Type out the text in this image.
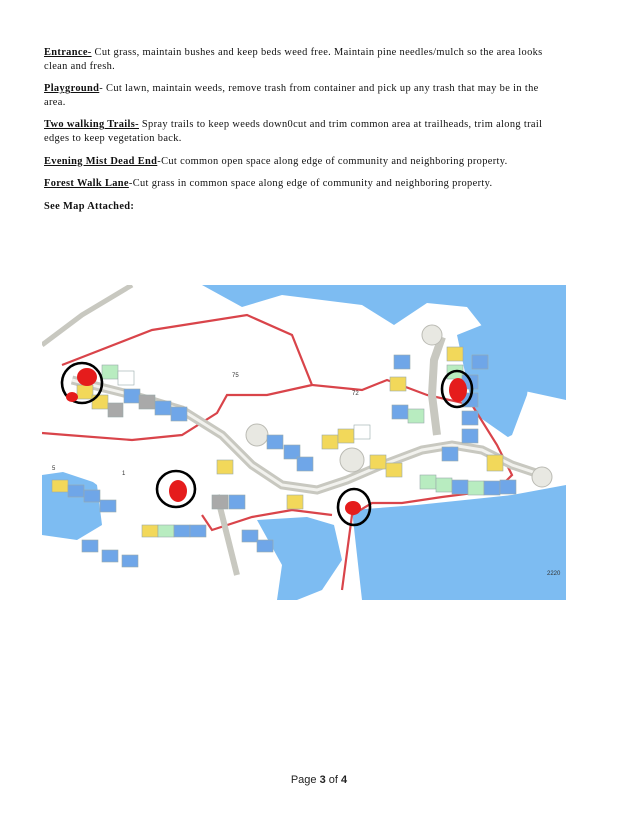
Entrance- Cut grass, maintain bushes and keep beds weed free. Maintain pine needles/mulch so the area looks clean and fresh.

Playground- Cut lawn, maintain weeds, remove trash from container and pick up any trash that may be in the area.

Two walking Trails- Spray trails to keep weeds down0cut and trim common area at trailheads, trim along trail edges to keep vegetation back.

Evening Mist Dead End-Cut common open space along edge of community and neighboring property.

Forest Walk Lane-Cut grass in common space along edge of community and neighboring property.

See Map Attached:
75
1
5
72
2220
Page 3 of 4
